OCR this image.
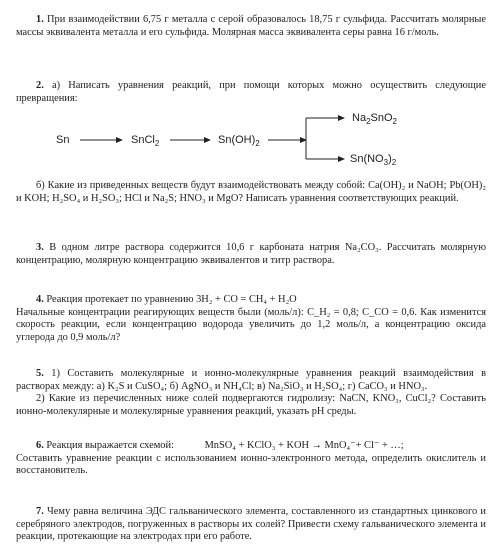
1. При взаимодействии 6,75 г металла с серой образовалось 18,75 г сульфида. Рассчитать молярные массы эквивалента металла и его сульфида. Молярная масса эквивалента серы равна 16 г/моль.
2. а) Написать уравнения реакций, при помощи которых можно осуществить следующие превращения:
Sn	SnCl$_2$	$Sn(OH)_2$
$Na_2SnO_2$
$Sn(NO_3)_2$
б) Какие из приведенных веществ будут взаимодействовать между собой: Ca(OH)₂ и NaOH; Pb(OH)₂ и KOH; H₂SO₄ и H₂SO₃; HCl и Na₂S; HNO₃ и MgO? Написать уравнения соответствующих реакций.
3. В одном литре раствора содержится 10,6 г карбоната натрия Na₂CO₃. Рассчитать молярную концентрацию, молярную концентрацию эквивалентов и титр раствора.

4. Реакция протекает по уравнению 3H₂ + CO = CH₄ + H₂O

Начальные концентрации реагирующих веществ были (моль/л): C_H₂ = 0,8; C_CO = 0,6. Как изменится скорость реакции, если концентрацию водорода увеличить до 1,2 моль/л, а концентрацию оксида углерода до 0,9 моль/л?

5. 1) Составить молекулярные и ионно-молекулярные уравнения реакций взаимодействия в растворах между: а) K₂S и CuSO₄; б) AgNO₃ и NH₄Cl; в) Na₂SiO₃ и H₂SO₄; г) CaCO₃ и HNO₃.

2) Какие из перечисленных ниже солей подвергаются гидролизу: NaCN, KNO₃, CuCl₂? Составить ионно-молекулярные и молекулярные уравнения реакций, указать pH среды.

6. Реакция выражается схемой:	MnSO₄ + KClO₃ + KOH → MnO₄⁻+ Cl⁻ + …;

Составить уравнение реакции с использованием ионно-электронного метода, определить окислитель и восстановитель.

7. Чему равна величина ЭДС гальванического элемента, составленного из стандартных цинкового и серебряного электродов, погруженных в растворы их солей? Привести схему гальванического элемента и реакции, протекающие на электродах при его работе.
